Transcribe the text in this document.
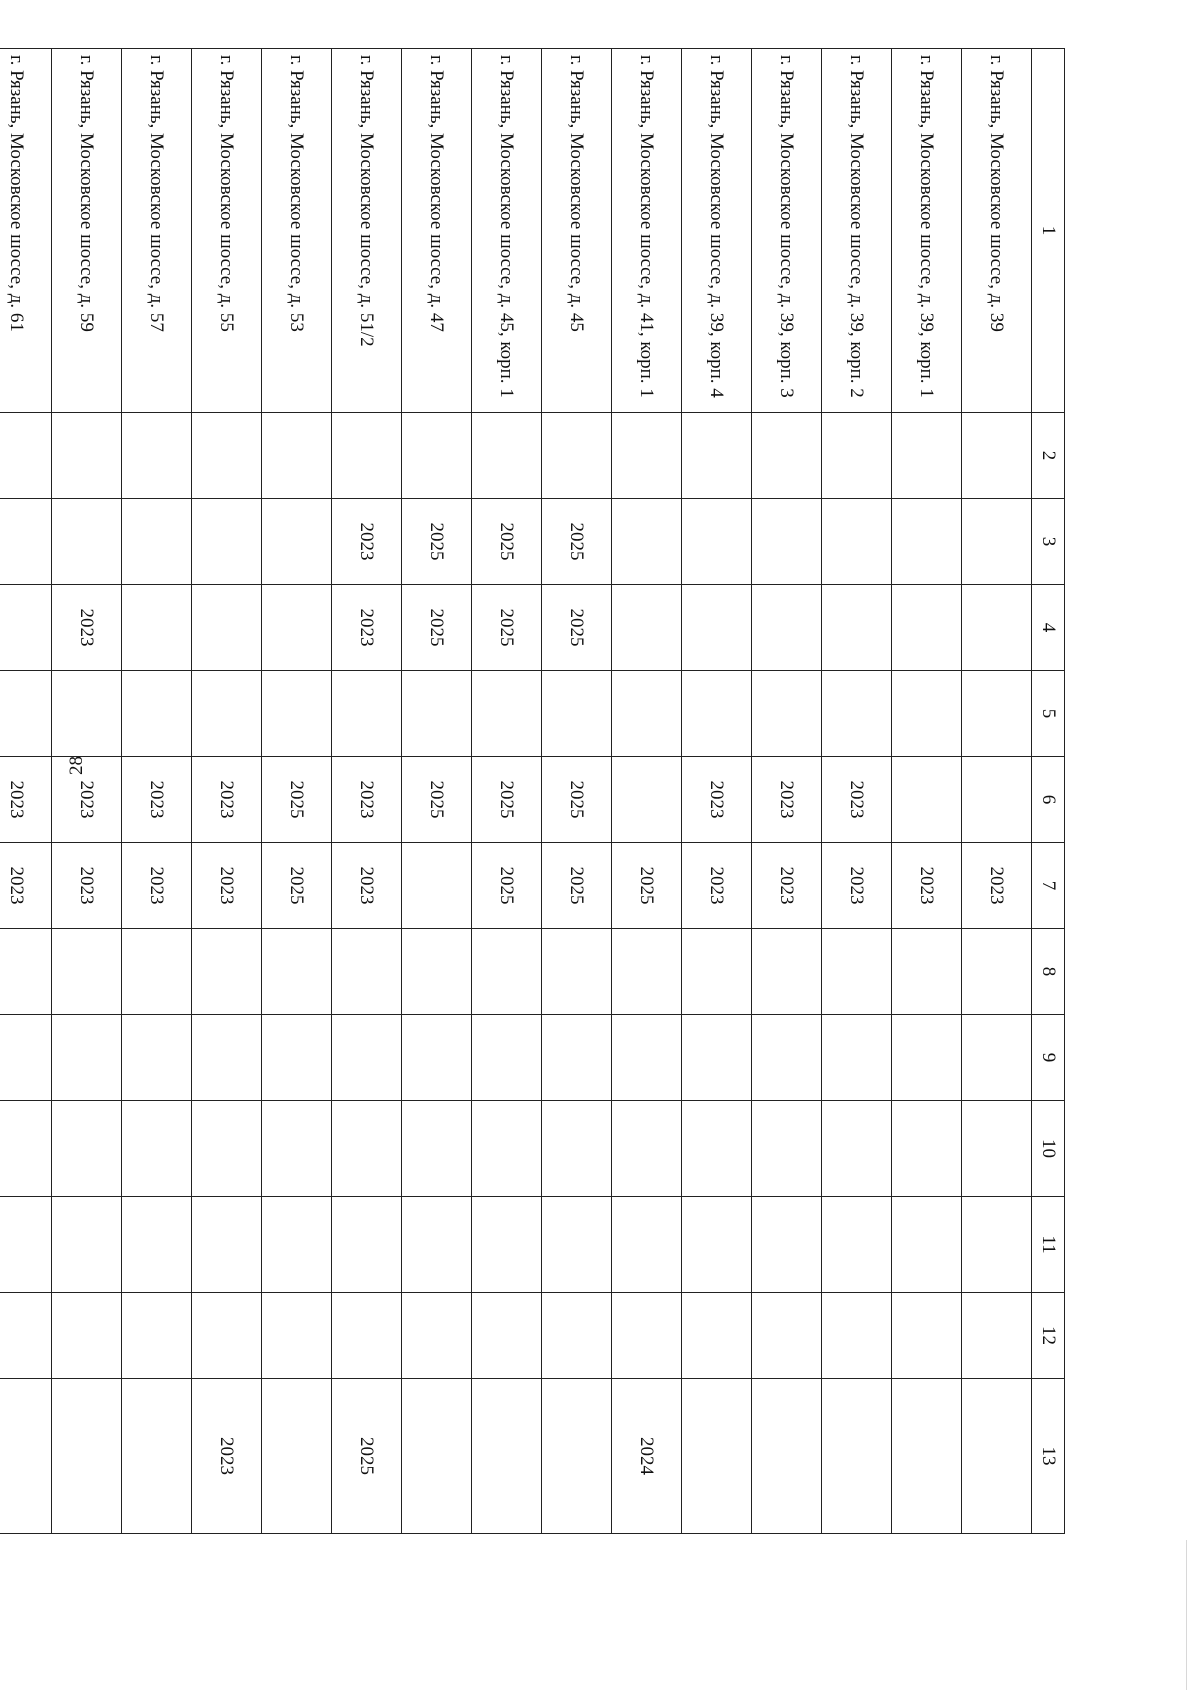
28
1	2	3	4	5	6	7	8	9	10	11	12	13
г. Рязань, Московское шоссе, д. 39						2023						
г. Рязань, Московское шоссе, д. 39, корп. 1						2023						
г. Рязань, Московское шоссе, д. 39, корп. 2					2023	2023						
г. Рязань, Московское шоссе, д. 39, корп. 3					2023	2023						
г. Рязань, Московское шоссе, д. 39, корп. 4					2023	2023						
г. Рязань, Московское шоссе, д. 41, корп. 1						2025						2024
г. Рязань, Московское шоссе, д. 45		2025	2025		2025	2025						
г. Рязань, Московское шоссе, д. 45, корп. 1		2025	2025		2025	2025						
г. Рязань, Московское шоссе, д. 47		2025	2025		2025							
г. Рязань, Московское шоссе, д. 51/2		2023	2023		2023	2023						2025
г. Рязань, Московское шоссе, д. 53					2025	2025						
г. Рязань, Московское шоссе, д. 55					2023	2023						2023
г. Рязань, Московское шоссе, д. 57					2023	2023						
г. Рязань, Московское шоссе, д. 59			2023		2023	2023						
г. Рязань, Московское шоссе, д. 61					2023	2023						
